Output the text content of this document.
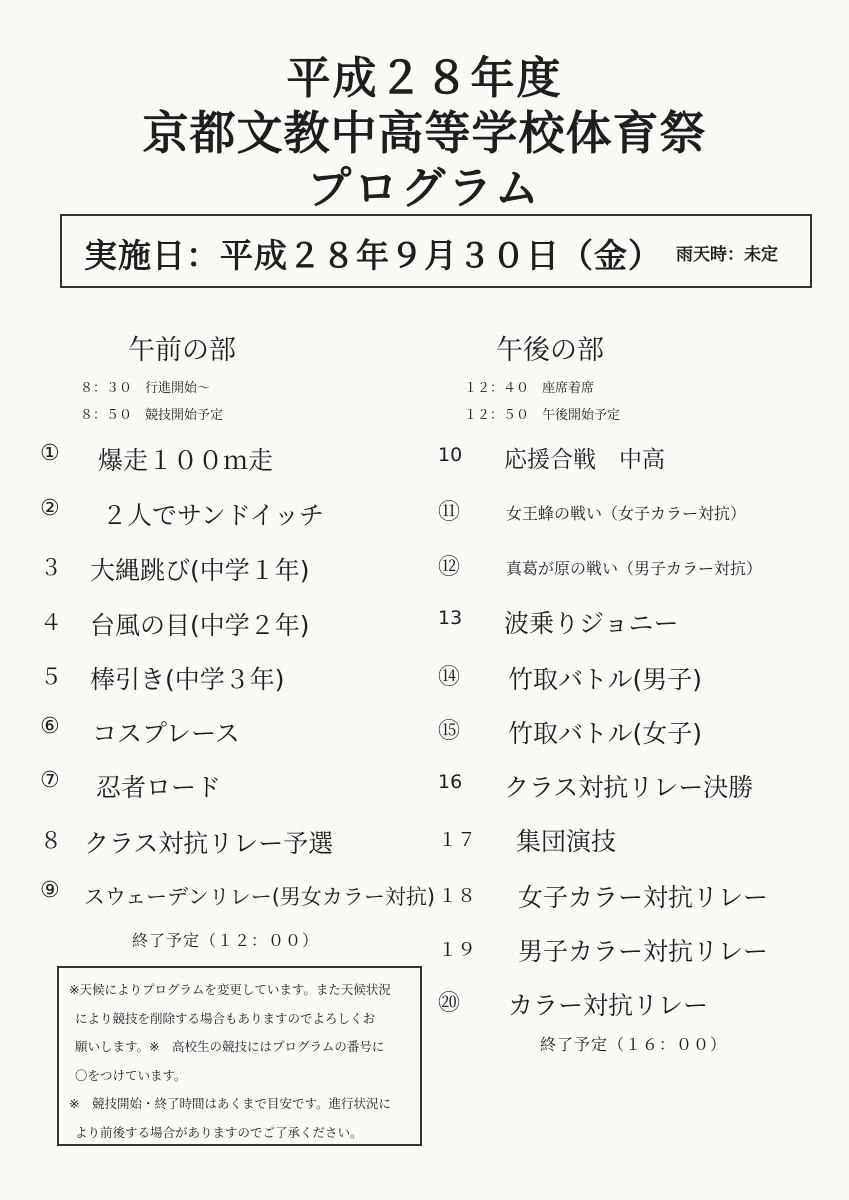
平成２８年度
京都文教中高等学校体育祭
プログラム
実施日：平成２８年９月３０日（金） 雨天時：未定
午前の部
８：３０　行進開始～
８：５０　競技開始予定
① 爆走１００ｍ走
② ２人でサンドイッチ
３ 大縄跳び(中学１年)
４ 台風の目(中学２年)
５ 棒引き(中学３年)
⑥ コスプレース
⑦ 忍者ロード
８ クラス対抗リレー予選
⑨ スウェーデンリレー(男女カラー対抗)
終了予定（１２：００）
午後の部
１２：４０　座席着席
１２：５０　午後開始予定
10 応援合戦　中高
⑪	女王蜂の戦い（女子カラー対抗）
⑫	真葛が原の戦い（男子カラー対抗）
13 波乗りジョニー
⑭ 竹取バトル(男子)
⑮ 竹取バトル(女子)
16 クラス対抗リレー決勝
１７ 集団演技
１８ 女子カラー対抗リレー
１９ 男子カラー対抗リレー
⑳ カラー対抗リレー
終了予定（１６：００）

※天候によりプログラムを変更しています。また天候状況

により競技を削除する場合もありますのでよろしくお

願いします。※　高校生の競技にはプログラムの番号に

〇をつけています。

※　競技開始・終了時間はあくまで目安です。進行状況に

より前後する場合がありますのでご了承ください。
